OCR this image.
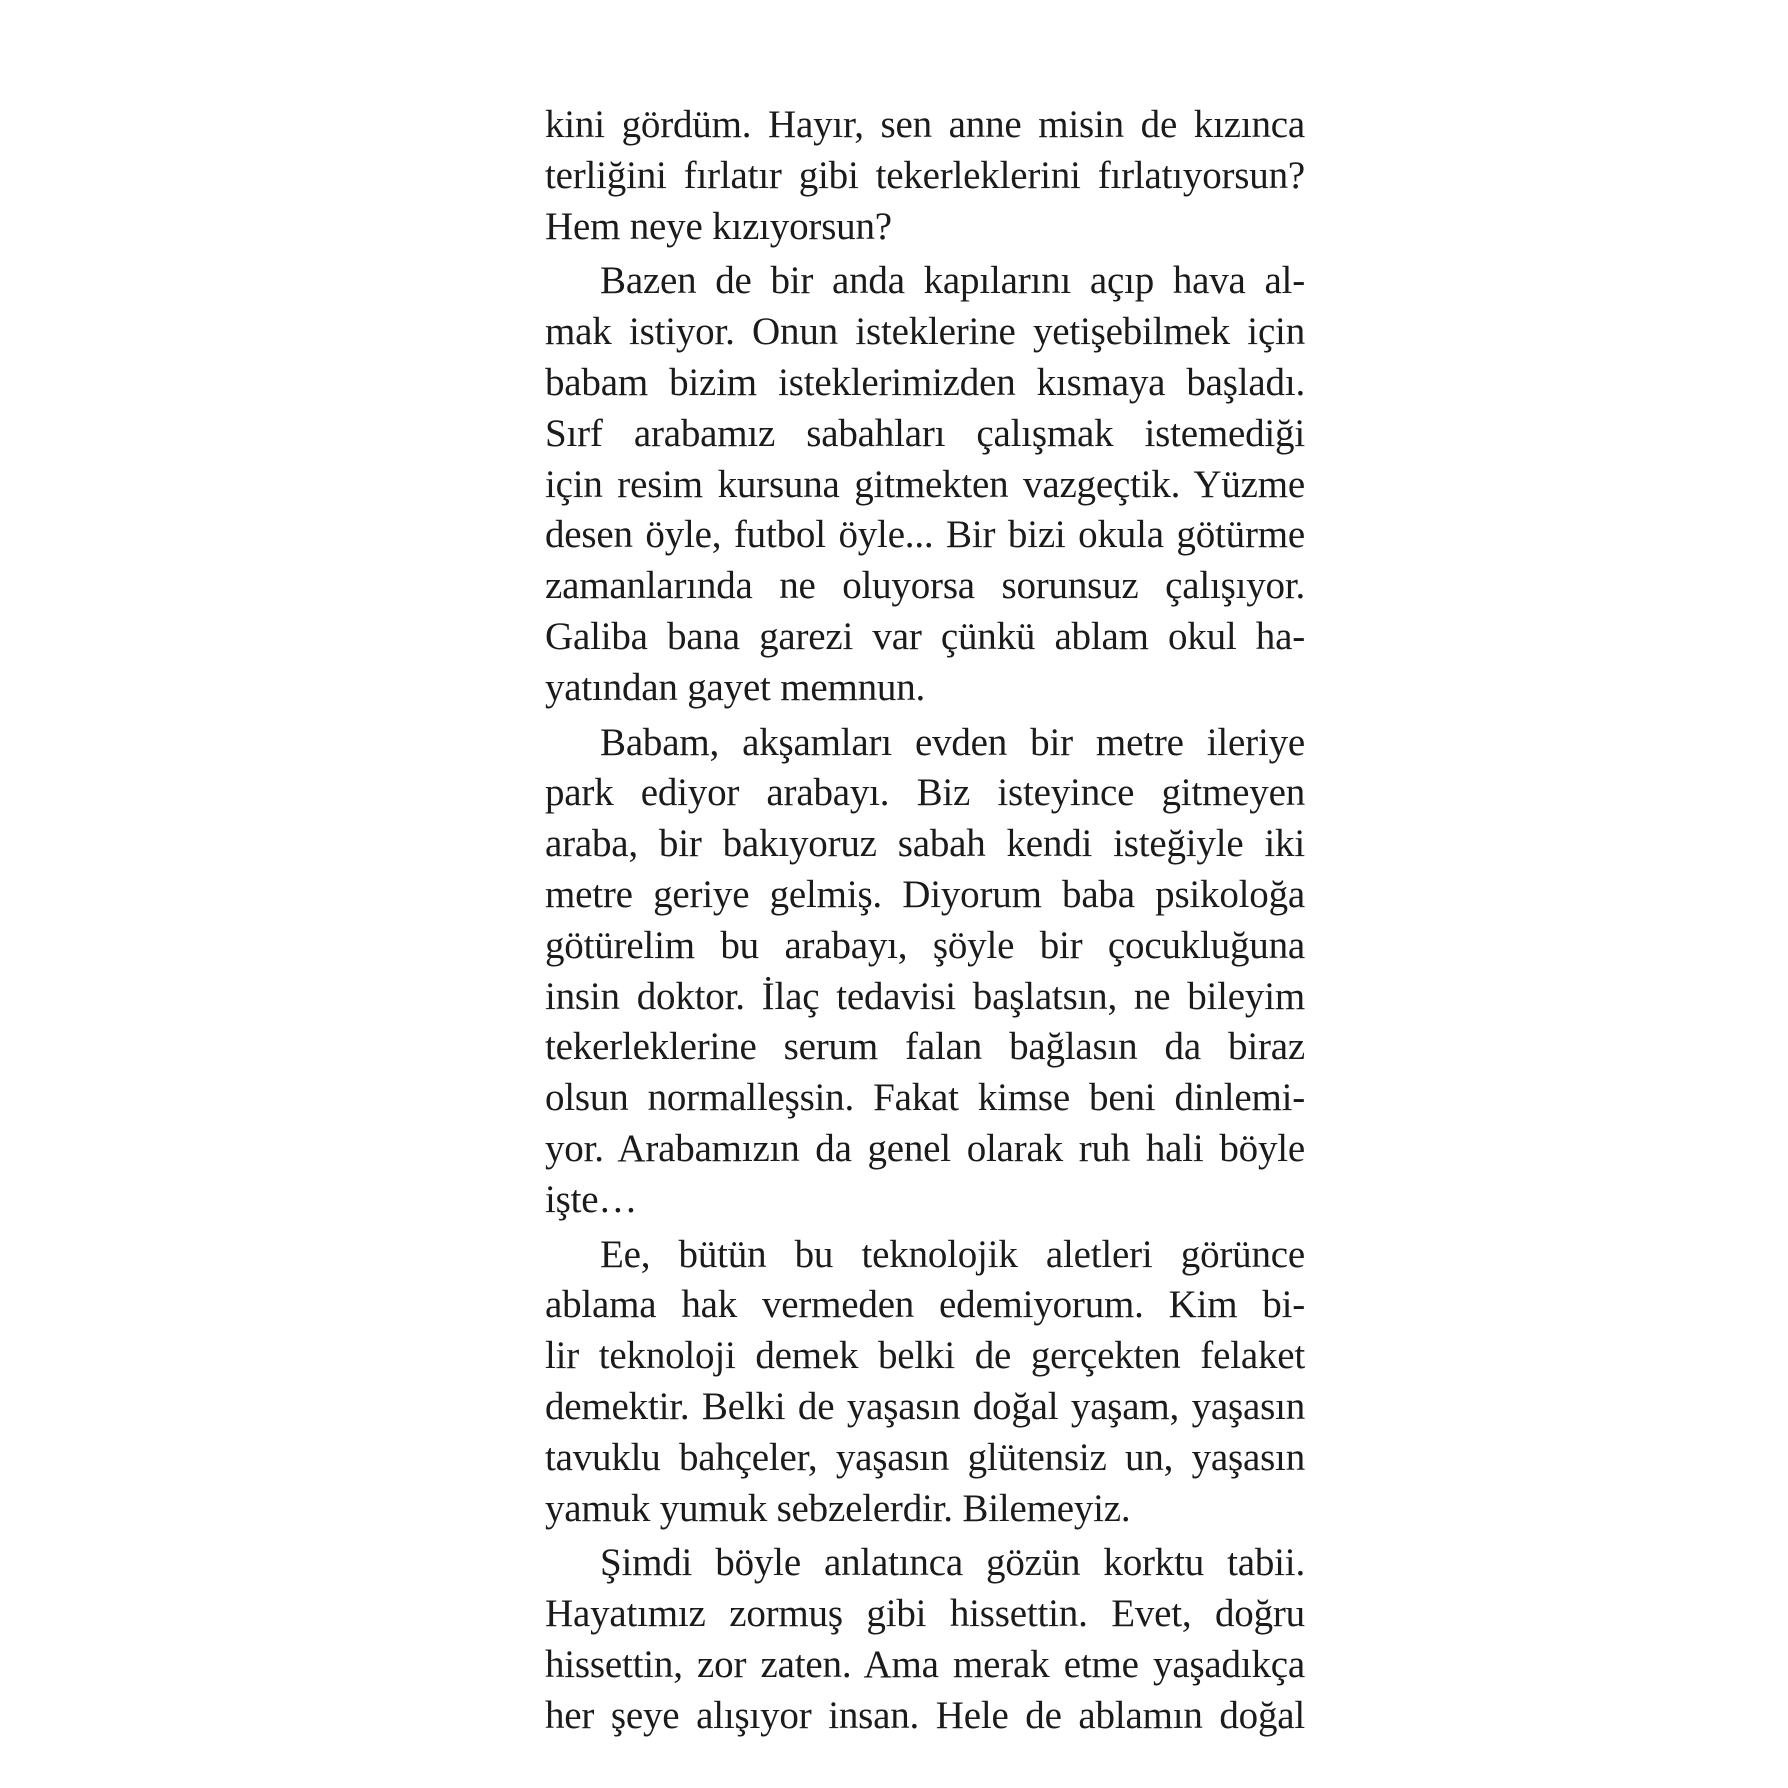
kini gördüm. Hayır, sen anne misin de kızınca
terliğini fırlatır gibi tekerleklerini fırlatıyorsun?
Hem neye kızıyorsun?
Bazen de bir anda kapılarını açıp hava al-
mak istiyor. Onun isteklerine yetişebilmek için
babam bizim isteklerimizden kısmaya başladı.
Sırf arabamız sabahları çalışmak istemediği
için resim kursuna gitmekten vazgeçtik. Yüzme
desen öyle, futbol öyle... Bir bizi okula götürme
zamanlarında ne oluyorsa sorunsuz çalışıyor.
Galiba bana garezi var çünkü ablam okul ha-
yatından gayet memnun.
Babam, akşamları evden bir metre ileriye
park ediyor arabayı. Biz isteyince gitmeyen
araba, bir bakıyoruz sabah kendi isteğiyle iki
metre geriye gelmiş. Diyorum baba psikoloğa
götürelim bu arabayı, şöyle bir çocukluğuna
insin doktor. İlaç tedavisi başlatsın, ne bileyim
tekerleklerine serum falan bağlasın da biraz
olsun normalleşsin. Fakat kimse beni dinlemi-
yor. Arabamızın da genel olarak ruh hali böyle
işte…
Ee, bütün bu teknolojik aletleri görünce
ablama hak vermeden edemiyorum. Kim bi-
lir teknoloji demek belki de gerçekten felaket
demektir. Belki de yaşasın doğal yaşam, yaşasın
tavuklu bahçeler, yaşasın glütensiz un, yaşasın
yamuk yumuk sebzelerdir. Bilemeyiz.
Şimdi böyle anlatınca gözün korktu tabii.
Hayatımız zormuş gibi hissettin. Evet, doğru
hissettin, zor zaten. Ama merak etme yaşadıkça
her şeye alışıyor insan. Hele de ablamın doğal
